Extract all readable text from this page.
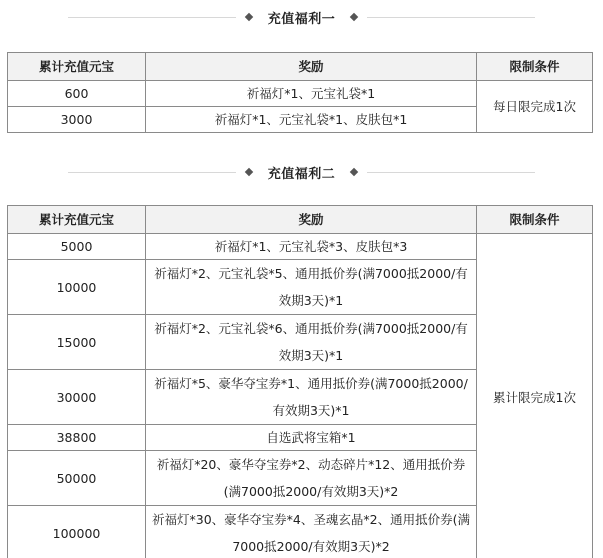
充值福利一
累计充值元宝	奖励	限制条件
600	祈福灯*1、元宝礼袋*1	每日限完成1次
3000	祈福灯*1、元宝礼袋*1、皮肤包*1	
充值福利二
累计充值元宝	奖励	限制条件
5000	祈福灯*1、元宝礼袋*3、皮肤包*3	累计限完成1次
10000	祈福灯*2、元宝礼袋*5、通用抵价券(满7000抵2000/有效期3天)*1	
15000	祈福灯*2、元宝礼袋*6、通用抵价券(满7000抵2000/有效期3天)*1	
30000	祈福灯*5、豪华夺宝券*1、通用抵价券(满7000抵2000/有效期3天)*1	
38800	自选武将宝箱*1	
50000	祈福灯*20、豪华夺宝券*2、动态碎片*12、通用抵价券(满7000抵2000/有效期3天)*2	
100000	祈福灯*30、豪华夺宝券*4、圣魂玄晶*2、通用抵价券(满7000抵2000/有效期3天)*2	
